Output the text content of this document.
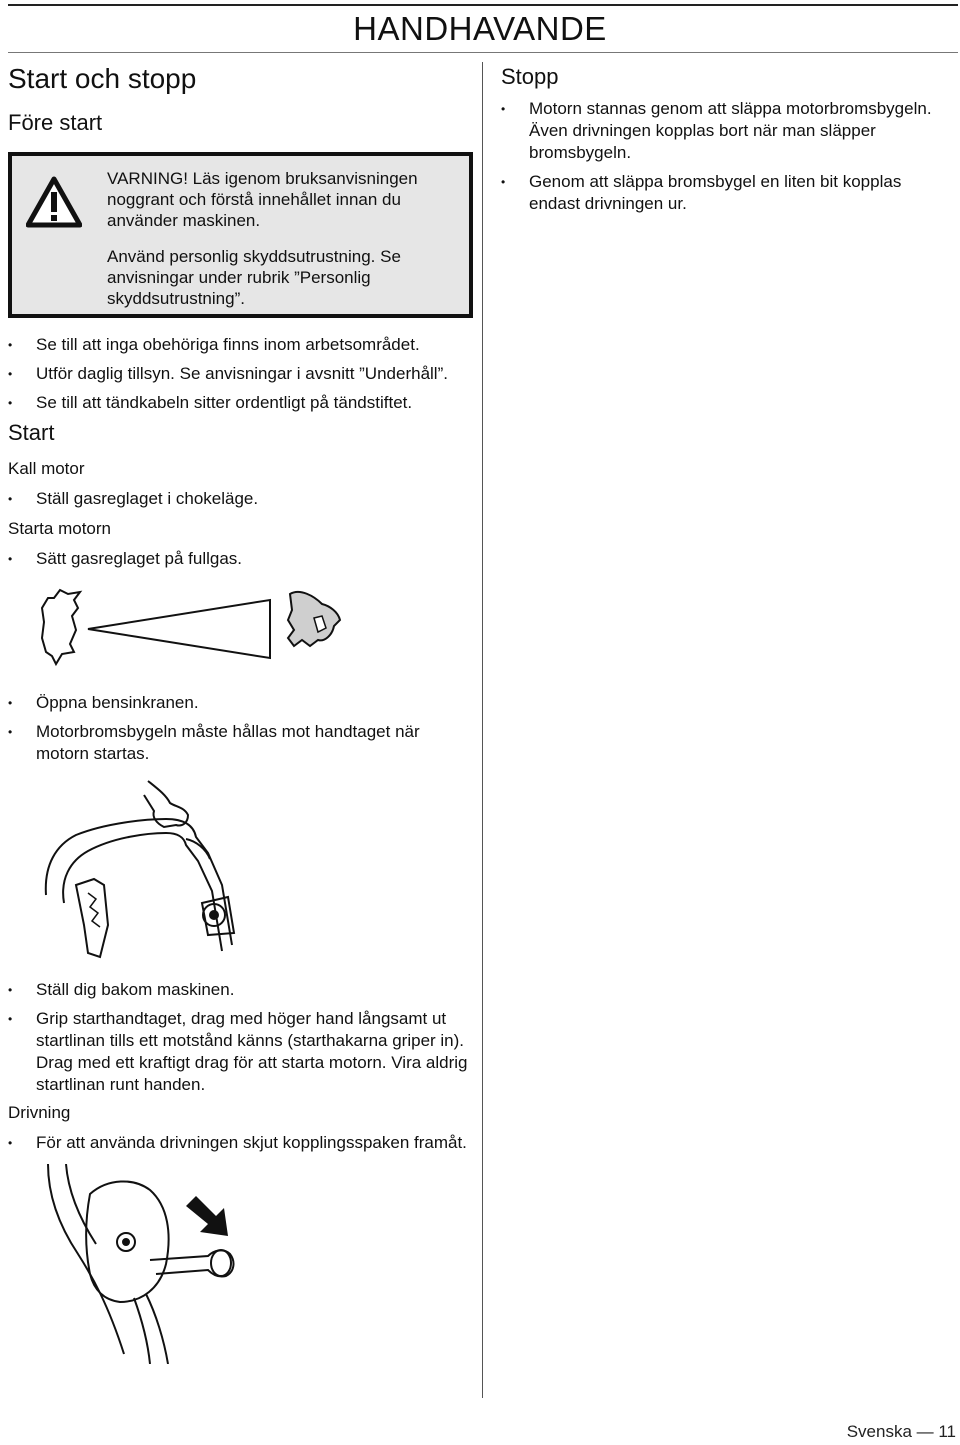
HANDHAVANDE
Start och stopp
Före start
VARNING! Läs igenom bruksanvisningen noggrant och förstå innehållet innan du använder maskinen.
Använd personlig skyddsutrustning. Se anvisningar under rubrik ”Personlig skyddsutrustning”.
• Se till att inga obehöriga finns inom arbetsområdet.
• Utför daglig tillsyn. Se anvisningar i avsnitt ”Underhåll”.
• Se till att tändkabeln sitter ordentligt på tändstiftet.
Start
Kall motor
• Ställ gasreglaget i chokeläge.
Starta motorn
• Sätt gasreglaget på fullgas.
• Öppna bensinkranen.
• Motorbromsbygeln måste hållas mot handtaget när motorn startas.
• Ställ dig bakom maskinen.
• Grip starthandtaget, drag med höger hand långsamt ut startlinan tills ett motstånd känns (starthakarna griper in). Drag med ett kraftigt drag för att starta motorn. Vira aldrig startlinan runt handen.
Drivning
• För att använda drivningen skjut kopplingsspaken framåt.
Stopp
• Motorn stannas genom att släppa motorbromsbygeln. Även drivningen kopplas bort när man släpper bromsbygeln.
• Genom att släppa bromsbygel en liten bit kopplas endast drivningen ur.
Svenska — 11
